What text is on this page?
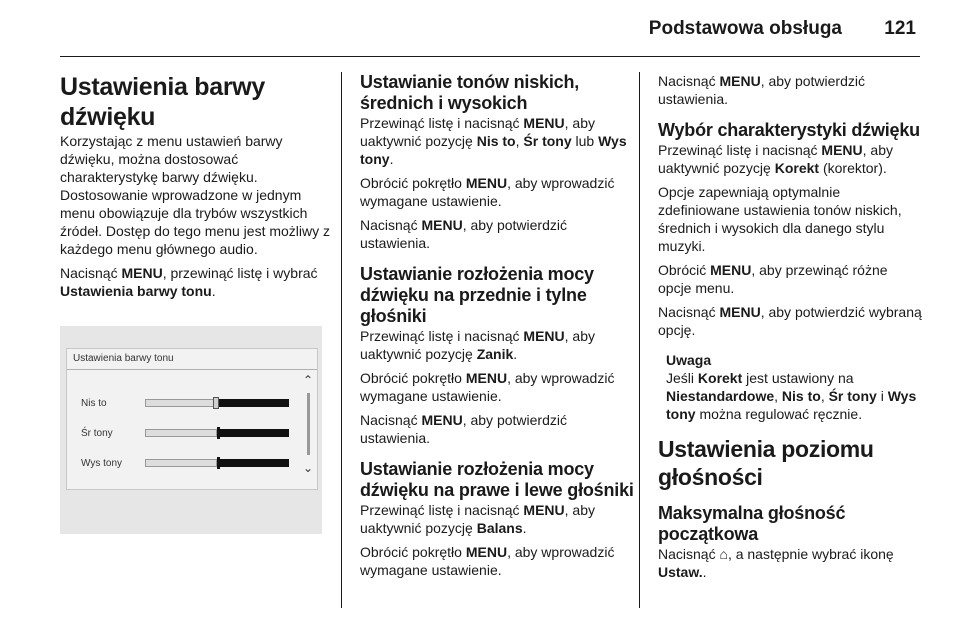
Podstawowa obsługa 121
Ustawienia barwy dźwięku

Korzystając z menu ustawień barwy dźwięku, można dostosować charakterystykę barwy dźwięku. Dostosowanie wprowadzone w jednym menu obowiązuje dla trybów wszystkich źródeł. Dostęp do tego menu jest możliwy z każdego menu głównego audio.

Nacisnąć MENU, przewinąć listę i wybrać Ustawienia barwy tonu.

Ustawienia barwy tonu
⌃
⌄
Nis to
Śr tony
Wys tony
Ustawianie tonów niskich, średnich i wysokich

Przewinąć listę i nacisnąć MENU, aby uaktywnić pozycję Nis to, Śr tony lub Wys tony.

Obrócić pokrętło MENU, aby wprowadzić wymagane ustawienie.

Nacisnąć MENU, aby potwierdzić ustawienia.

Ustawianie rozłożenia mocy dźwięku na przednie i tylne głośniki

Przewinąć listę i nacisnąć MENU, aby uaktywnić pozycję Zanik.

Obrócić pokrętło MENU, aby wprowadzić wymagane ustawienie.

Nacisnąć MENU, aby potwierdzić ustawienia.

Ustawianie rozłożenia mocy dźwięku na prawe i lewe głośniki

Przewinąć listę i nacisnąć MENU, aby uaktywnić pozycję Balans.

Obrócić pokrętło MENU, aby wprowadzić wymagane ustawienie.

Nacisnąć MENU, aby potwierdzić ustawienia.

Wybór charakterystyki dźwięku

Przewinąć listę i nacisnąć MENU, aby uaktywnić pozycję Korekt (korektor).

Opcje zapewniają optymalnie zdefiniowane ustawienia tonów niskich, średnich i wysokich dla danego stylu muzyki.

Obrócić MENU, aby przewinąć różne opcje menu.

Nacisnąć MENU, aby potwierdzić wybraną opcję.

Uwaga

Jeśli Korekt jest ustawiony na Niestandardowe, Nis to, Śr tony i Wys tony można regulować ręcznie.

Ustawienia poziomu głośności
Maksymalna głośność początkowa

Nacisnąć ⌂, a następnie wybrać ikonę Ustaw..
